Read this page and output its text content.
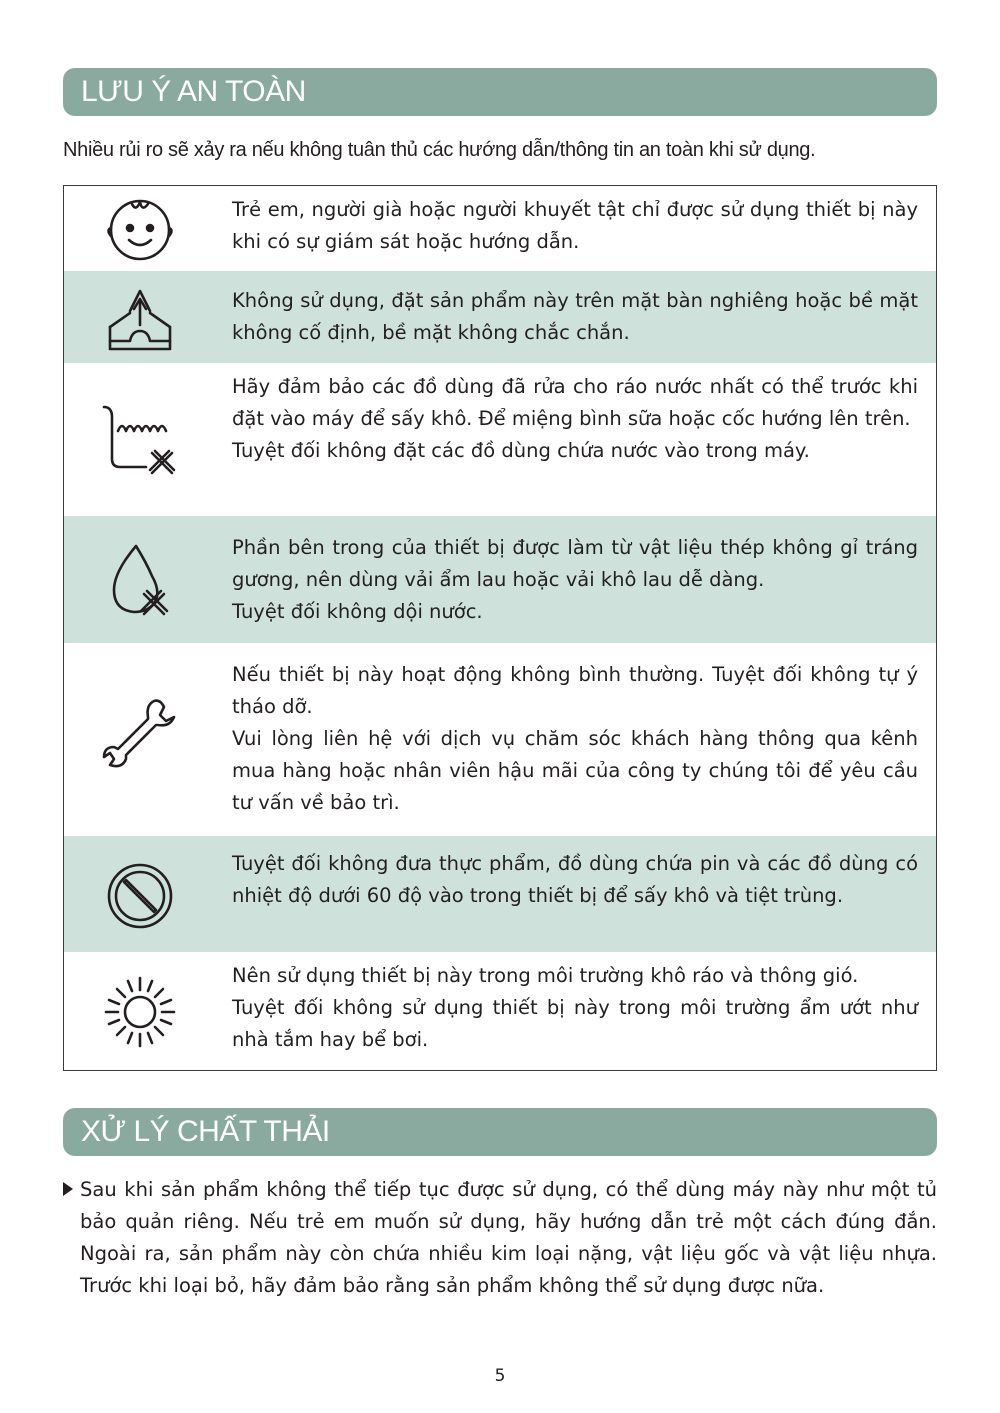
LƯU Ý AN TOÀN
Nhiều rủi ro sẽ xảy ra nếu không tuân thủ các hướng dẫn/thông tin an toàn khi sử dụng.

Trẻ em, người già hoặc người khuyết tật chỉ được sử dụng thiết bị này khi có sự giám sát hoặc hướng dẫn.

Không sử dụng, đặt sản phẩm này trên mặt bàn nghiêng hoặc bề mặt không cố định, bề mặt không chắc chắn.

Hãy đảm bảo các đồ dùng đã rửa cho ráo nước nhất có thể trước khi đặt vào máy để sấy khô. Để miệng bình sữa hoặc cốc hướng lên trên.

Tuyệt đối không đặt các đồ dùng chứa nước vào trong máy.

Phần bên trong của thiết bị được làm từ vật liệu thép không gỉ tráng gương, nên dùng vải ẩm lau hoặc vải khô lau dễ dàng.

Tuyệt đối không dội nước.

Nếu thiết bị này hoạt động không bình thường. Tuyệt đối không tự ý tháo dỡ.

Vui lòng liên hệ với dịch vụ chăm sóc khách hàng thông qua kênh mua hàng hoặc nhân viên hậu mãi của công ty chúng tôi để yêu cầu tư vấn về bảo trì.

Tuyệt đối không đưa thực phẩm, đồ dùng chứa pin và các đồ dùng có nhiệt độ dưới 60 độ vào trong thiết bị để sấy khô và tiệt trùng.

Nên sử dụng thiết bị này trong môi trường khô ráo và thông gió.

Tuyệt đối không sử dụng thiết bị này trong môi trường ẩm ướt như nhà tắm hay bể bơi.

XỬ LÝ CHẤT THẢI
Sau khi sản phẩm không thể tiếp tục được sử dụng, có thể dùng máy này như một tủ bảo quản riêng. Nếu trẻ em muốn sử dụng, hãy hướng dẫn trẻ một cách đúng đắn. Ngoài ra, sản phẩm này còn chứa nhiều kim loại nặng, vật liệu gốc và vật liệu nhựa. Trước khi loại bỏ, hãy đảm bảo rằng sản phẩm không thể sử dụng được nữa.
5
